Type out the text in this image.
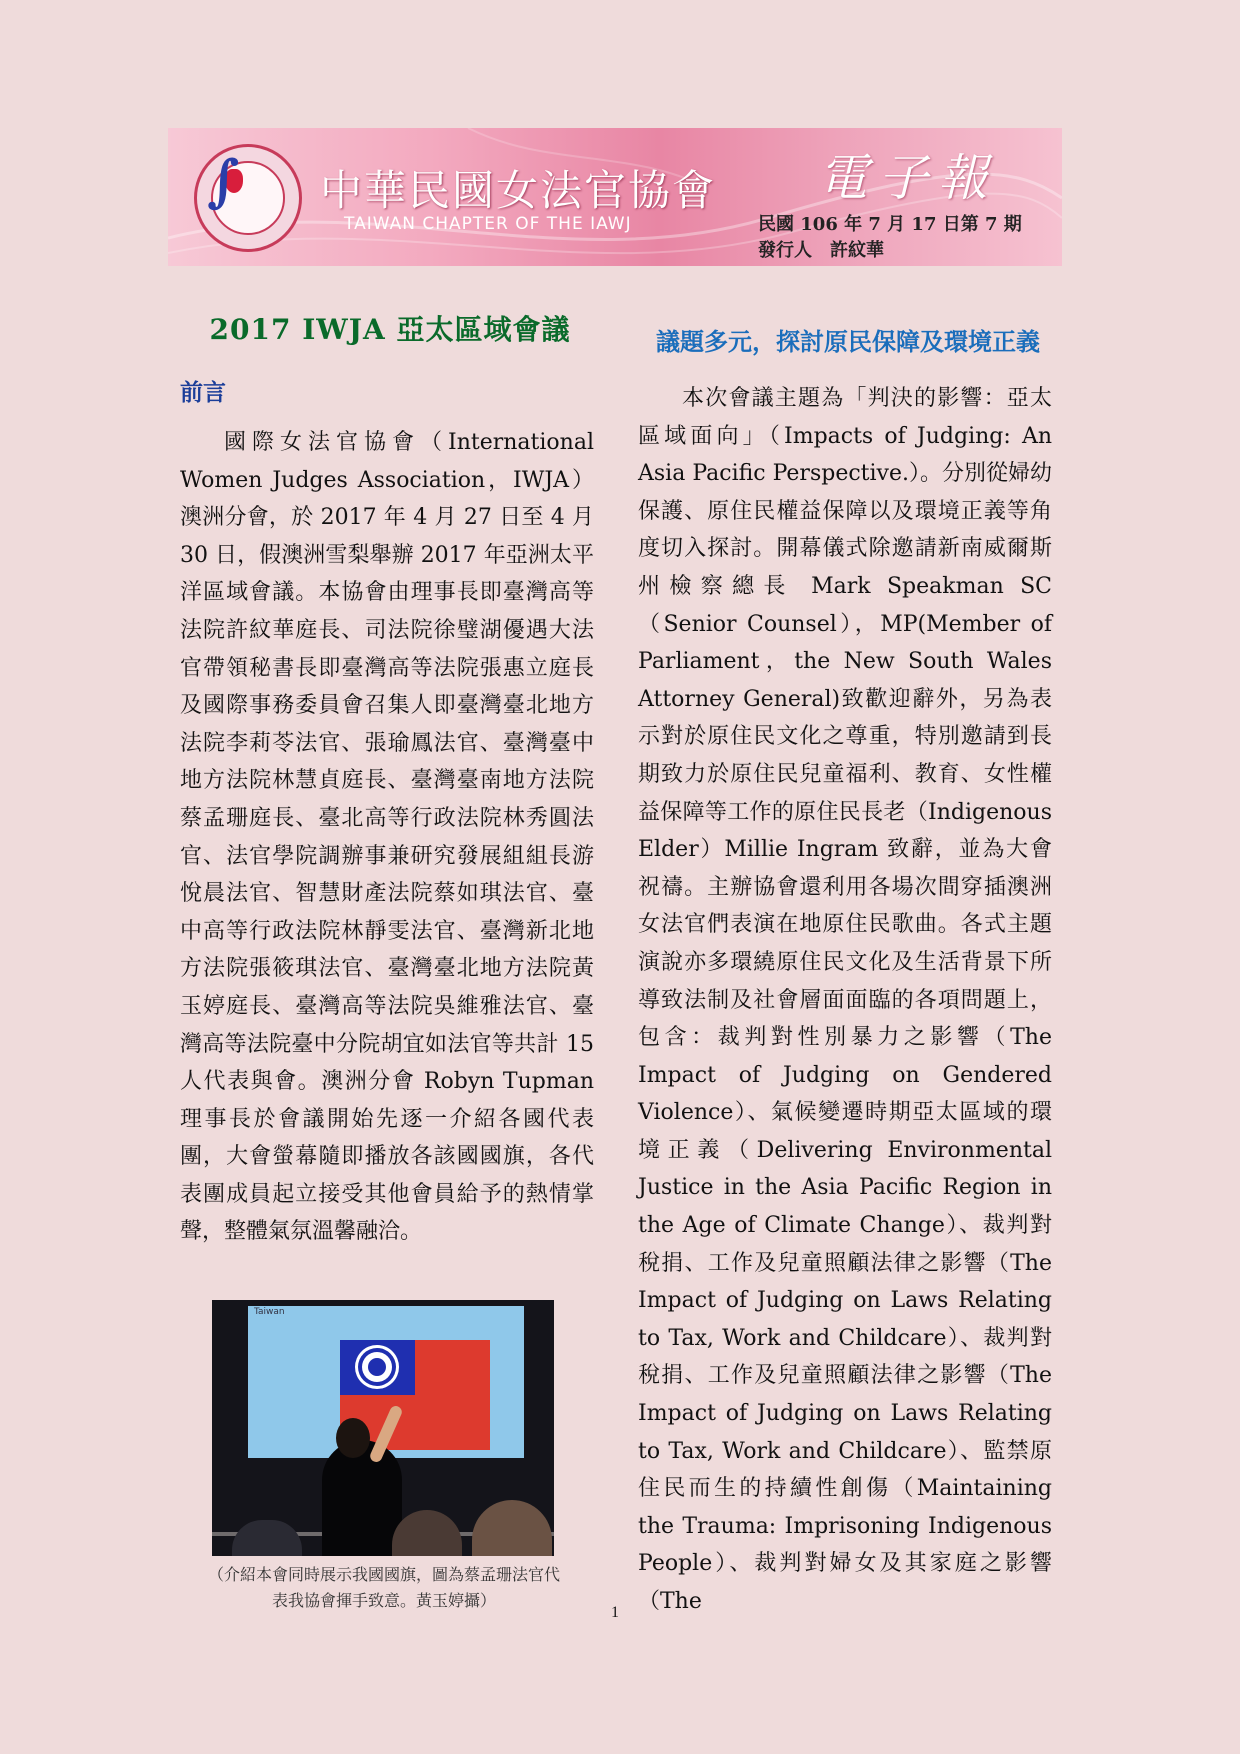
∫ 中華民國女法官協會
TAIWAN CHAPTER OF THE IAWJ
電子報
民國 106 年 7 月 17 日第 7 期
發行人　許紋華
2017 IWJA 亞太區域會議	議題多元，探討原民保障及環境正義
前言
國際女法官協會（International Women Judges Association，IWJA）澳洲分會，於 2017 年 4 月 27 日至 4 月 30 日，假澳洲雪梨舉辦 2017 年亞洲太平洋區域會議。本協會由理事長即臺灣高等法院許紋華庭長、司法院徐璧湖優遇大法官帶領秘書長即臺灣高等法院張惠立庭長及國際事務委員會召集人即臺灣臺北地方法院李莉苓法官、張瑜鳳法官、臺灣臺中地方法院林慧貞庭長、臺灣臺南地方法院蔡孟珊庭長、臺北高等行政法院林秀圓法官、法官學院調辦事兼研究發展組組長游悅晨法官、智慧財產法院蔡如琪法官、臺中高等行政法院林靜雯法官、臺灣新北地方法院張筱琪法官、臺灣臺北地方法院黃玉婷庭長、臺灣高等法院吳維雅法官、臺灣高等法院臺中分院胡宜如法官等共計 15 人代表與會。澳洲分會 Robyn Tupman 理事長於會議開始先逐一介紹各國代表團，大會螢幕隨即播放各該國國旗，各代表團成員起立接受其他會員給予的熱情掌聲，整體氣氛溫馨融洽。
本次會議主題為「判決的影響：亞太區域面向」（Impacts of Judging: An Asia Pacific Perspective.）。分別從婦幼保護、原住民權益保障以及環境正義等角度切入探討。開幕儀式除邀請新南威爾斯州檢察總長 Mark Speakman SC（Senior Counsel），MP(Member of Parliament，the New South Wales Attorney General)致歡迎辭外，另為表示對於原住民文化之尊重，特別邀請到長期致力於原住民兒童福利、教育、女性權益保障等工作的原住民長老（Indigenous Elder）Millie Ingram 致辭，並為大會祝禱。主辦協會還利用各場次間穿插澳洲女法官們表演在地原住民歌曲。各式主題演說亦多環繞原住民文化及生活背景下所導致法制及社會層面面臨的各項問題上，包含：裁判對性別暴力之影響（The Impact of Judging on Gendered Violence）、氣候變遷時期亞太區域的環境正義（Delivering Environmental Justice in the Asia Pacific Region in the Age of Climate Change）、裁判對稅捐、工作及兒童照顧法律之影響（The Impact of Judging on Laws Relating to Tax, Work and Childcare）、裁判對稅捐、工作及兒童照顧法律之影響（The Impact of Judging on Laws Relating to Tax, Work and Childcare）、監禁原住民而生的持續性創傷（Maintaining the Trauma: Imprisoning Indigenous People）、裁判對婦女及其家庭之影響（The
Taiwan
（介紹本會同時展示我國國旗，圖為蔡孟珊法官代表我協會揮手致意。黃玉婷攝）
1
